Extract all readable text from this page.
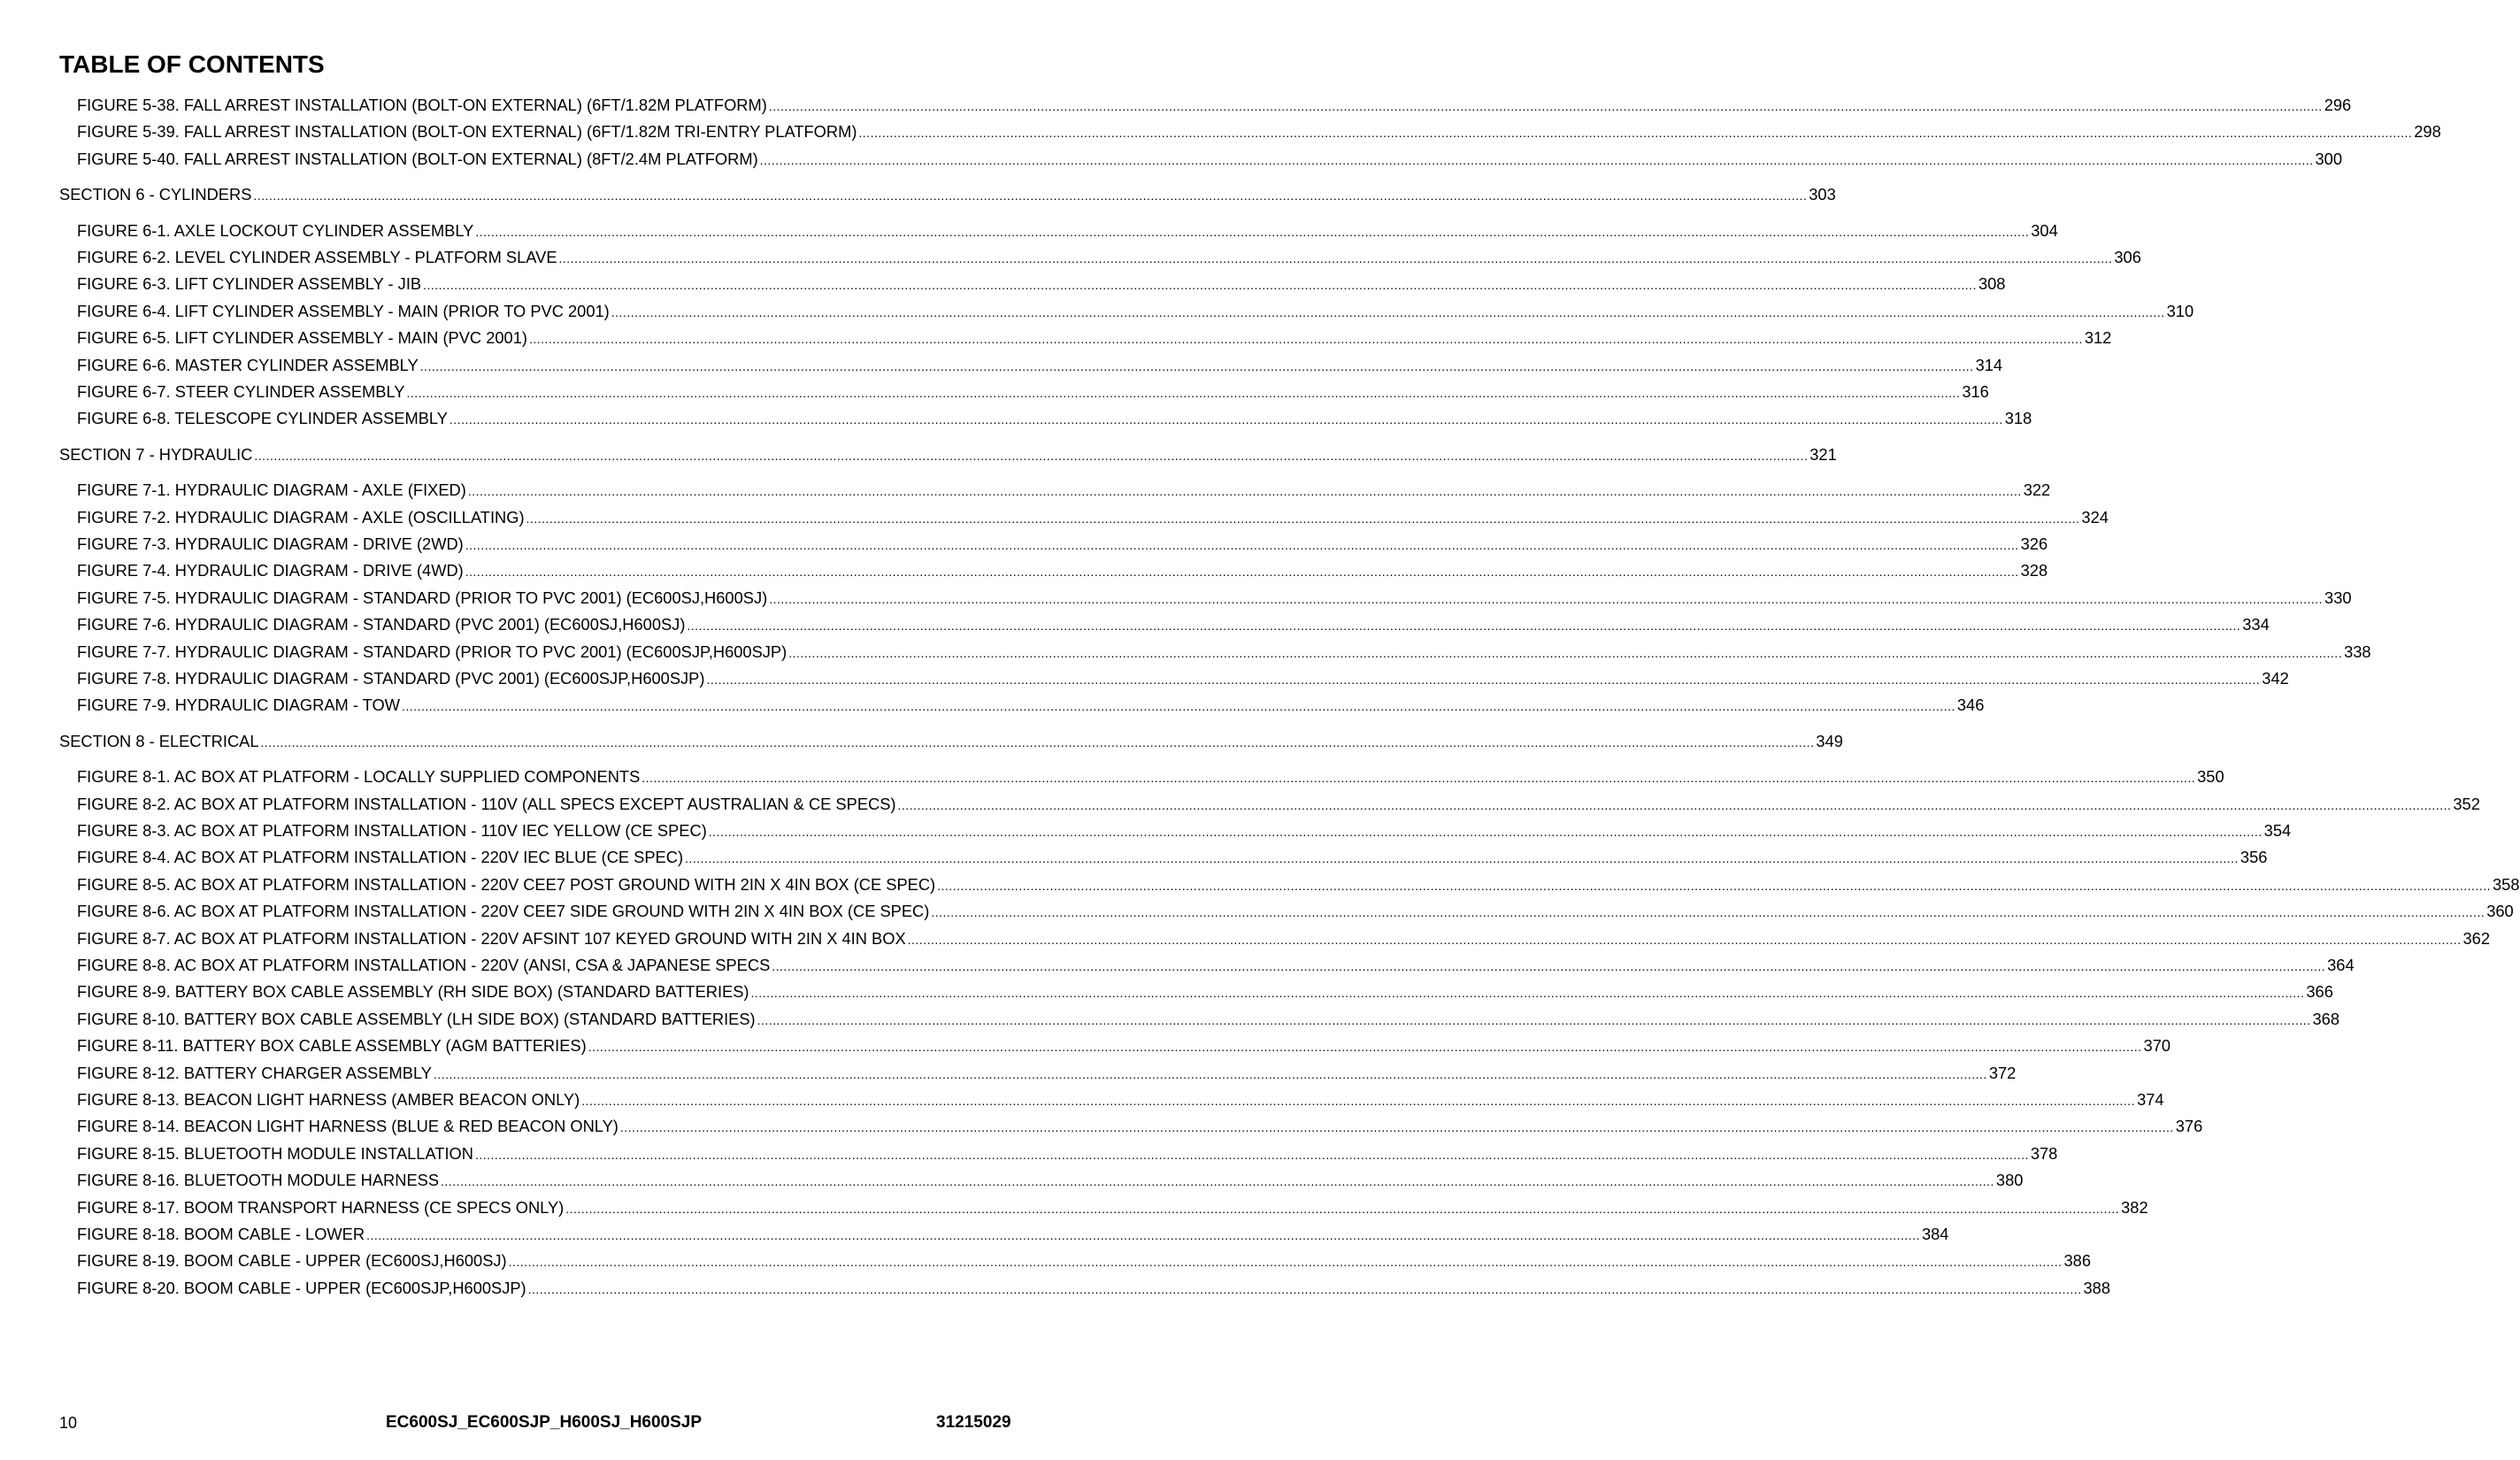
TABLE OF CONTENTS
FIGURE 5-38. FALL ARREST INSTALLATION (BOLT-ON EXTERNAL) (6FT/1.82M PLATFORM) ................................................................................................................................................................................................................................................................................................................................................................................................................ 296
FIGURE 5-39. FALL ARREST INSTALLATION (BOLT-ON EXTERNAL) (6FT/1.82M TRI-ENTRY PLATFORM) ................................................................................................................................................................................................................................................................................................................................................................................................................ 298
FIGURE 5-40. FALL ARREST INSTALLATION (BOLT-ON EXTERNAL) (8FT/2.4M PLATFORM) ................................................................................................................................................................................................................................................................................................................................................................................................................ 300
SECTION 6 - CYLINDERS ................................................................................................................................................................................................................................................................................................................................................................................................................ 303
FIGURE 6-1. AXLE LOCKOUT CYLINDER ASSEMBLY ................................................................................................................................................................................................................................................................................................................................................................................................................ 304
FIGURE 6-2. LEVEL CYLINDER ASSEMBLY - PLATFORM SLAVE ................................................................................................................................................................................................................................................................................................................................................................................................................ 306
FIGURE 6-3. LIFT CYLINDER ASSEMBLY - JIB ................................................................................................................................................................................................................................................................................................................................................................................................................ 308
FIGURE 6-4. LIFT CYLINDER ASSEMBLY - MAIN (PRIOR TO PVC 2001) ................................................................................................................................................................................................................................................................................................................................................................................................................ 310
FIGURE 6-5. LIFT CYLINDER ASSEMBLY - MAIN (PVC 2001) ................................................................................................................................................................................................................................................................................................................................................................................................................ 312
FIGURE 6-6. MASTER CYLINDER ASSEMBLY ................................................................................................................................................................................................................................................................................................................................................................................................................ 314
FIGURE 6-7. STEER CYLINDER ASSEMBLY ................................................................................................................................................................................................................................................................................................................................................................................................................ 316
FIGURE 6-8. TELESCOPE CYLINDER ASSEMBLY ................................................................................................................................................................................................................................................................................................................................................................................................................ 318
SECTION 7 - HYDRAULIC ................................................................................................................................................................................................................................................................................................................................................................................................................ 321
FIGURE 7-1. HYDRAULIC DIAGRAM - AXLE (FIXED) ................................................................................................................................................................................................................................................................................................................................................................................................................ 322
FIGURE 7-2. HYDRAULIC DIAGRAM - AXLE (OSCILLATING) ................................................................................................................................................................................................................................................................................................................................................................................................................ 324
FIGURE 7-3. HYDRAULIC DIAGRAM - DRIVE (2WD) ................................................................................................................................................................................................................................................................................................................................................................................................................ 326
FIGURE 7-4. HYDRAULIC DIAGRAM - DRIVE (4WD) ................................................................................................................................................................................................................................................................................................................................................................................................................ 328
FIGURE 7-5. HYDRAULIC DIAGRAM - STANDARD (PRIOR TO PVC 2001) (EC600SJ,H600SJ) ................................................................................................................................................................................................................................................................................................................................................................................................................ 330
FIGURE 7-6. HYDRAULIC DIAGRAM - STANDARD (PVC 2001) (EC600SJ,H600SJ) ................................................................................................................................................................................................................................................................................................................................................................................................................ 334
FIGURE 7-7. HYDRAULIC DIAGRAM - STANDARD (PRIOR TO PVC 2001) (EC600SJP,H600SJP) ................................................................................................................................................................................................................................................................................................................................................................................................................ 338
FIGURE 7-8. HYDRAULIC DIAGRAM - STANDARD (PVC 2001) (EC600SJP,H600SJP) ................................................................................................................................................................................................................................................................................................................................................................................................................ 342
FIGURE 7-9. HYDRAULIC DIAGRAM - TOW ................................................................................................................................................................................................................................................................................................................................................................................................................ 346
SECTION 8 - ELECTRICAL ................................................................................................................................................................................................................................................................................................................................................................................................................ 349
FIGURE 8-1. AC BOX AT PLATFORM - LOCALLY SUPPLIED COMPONENTS ................................................................................................................................................................................................................................................................................................................................................................................................................ 350
FIGURE 8-2. AC BOX AT PLATFORM INSTALLATION - 110V (ALL SPECS EXCEPT AUSTRALIAN & CE SPECS) ................................................................................................................................................................................................................................................................................................................................................................................................................ 352
FIGURE 8-3. AC BOX AT PLATFORM INSTALLATION - 110V IEC YELLOW (CE SPEC) ................................................................................................................................................................................................................................................................................................................................................................................................................ 354
FIGURE 8-4. AC BOX AT PLATFORM INSTALLATION - 220V IEC BLUE (CE SPEC) ................................................................................................................................................................................................................................................................................................................................................................................................................ 356
FIGURE 8-5. AC BOX AT PLATFORM INSTALLATION - 220V CEE7 POST GROUND WITH 2IN X 4IN BOX (CE SPEC) ................................................................................................................................................................................................................................................................................................................................................................................................................ 358
FIGURE 8-6. AC BOX AT PLATFORM INSTALLATION - 220V CEE7 SIDE GROUND WITH 2IN X 4IN BOX (CE SPEC) ................................................................................................................................................................................................................................................................................................................................................................................................................ 360
FIGURE 8-7. AC BOX AT PLATFORM INSTALLATION - 220V AFSINT 107 KEYED GROUND WITH 2IN X 4IN BOX ................................................................................................................................................................................................................................................................................................................................................................................................................ 362
FIGURE 8-8. AC BOX AT PLATFORM INSTALLATION - 220V (ANSI, CSA & JAPANESE SPECS ................................................................................................................................................................................................................................................................................................................................................................................................................ 364
FIGURE 8-9. BATTERY BOX CABLE ASSEMBLY (RH SIDE BOX) (STANDARD BATTERIES) ................................................................................................................................................................................................................................................................................................................................................................................................................ 366
FIGURE 8-10. BATTERY BOX CABLE ASSEMBLY (LH SIDE BOX) (STANDARD BATTERIES) ................................................................................................................................................................................................................................................................................................................................................................................................................ 368
FIGURE 8-11. BATTERY BOX CABLE ASSEMBLY (AGM BATTERIES) ................................................................................................................................................................................................................................................................................................................................................................................................................ 370
FIGURE 8-12. BATTERY CHARGER ASSEMBLY ................................................................................................................................................................................................................................................................................................................................................................................................................ 372
FIGURE 8-13. BEACON LIGHT HARNESS (AMBER BEACON ONLY) ................................................................................................................................................................................................................................................................................................................................................................................................................ 374
FIGURE 8-14. BEACON LIGHT HARNESS (BLUE & RED BEACON ONLY) ................................................................................................................................................................................................................................................................................................................................................................................................................ 376
FIGURE 8-15. BLUETOOTH MODULE INSTALLATION ................................................................................................................................................................................................................................................................................................................................................................................................................ 378
FIGURE 8-16. BLUETOOTH MODULE HARNESS ................................................................................................................................................................................................................................................................................................................................................................................................................ 380
FIGURE 8-17. BOOM TRANSPORT HARNESS (CE SPECS ONLY) ................................................................................................................................................................................................................................................................................................................................................................................................................ 382
FIGURE 8-18. BOOM CABLE - LOWER ................................................................................................................................................................................................................................................................................................................................................................................................................ 384
FIGURE 8-19. BOOM CABLE - UPPER (EC600SJ,H600SJ) ................................................................................................................................................................................................................................................................................................................................................................................................................ 386
FIGURE 8-20. BOOM CABLE - UPPER (EC600SJP,H600SJP) ................................................................................................................................................................................................................................................................................................................................................................................................................ 388
10	EC600SJ_EC600SJP_H600SJ_H600SJP	31215029
